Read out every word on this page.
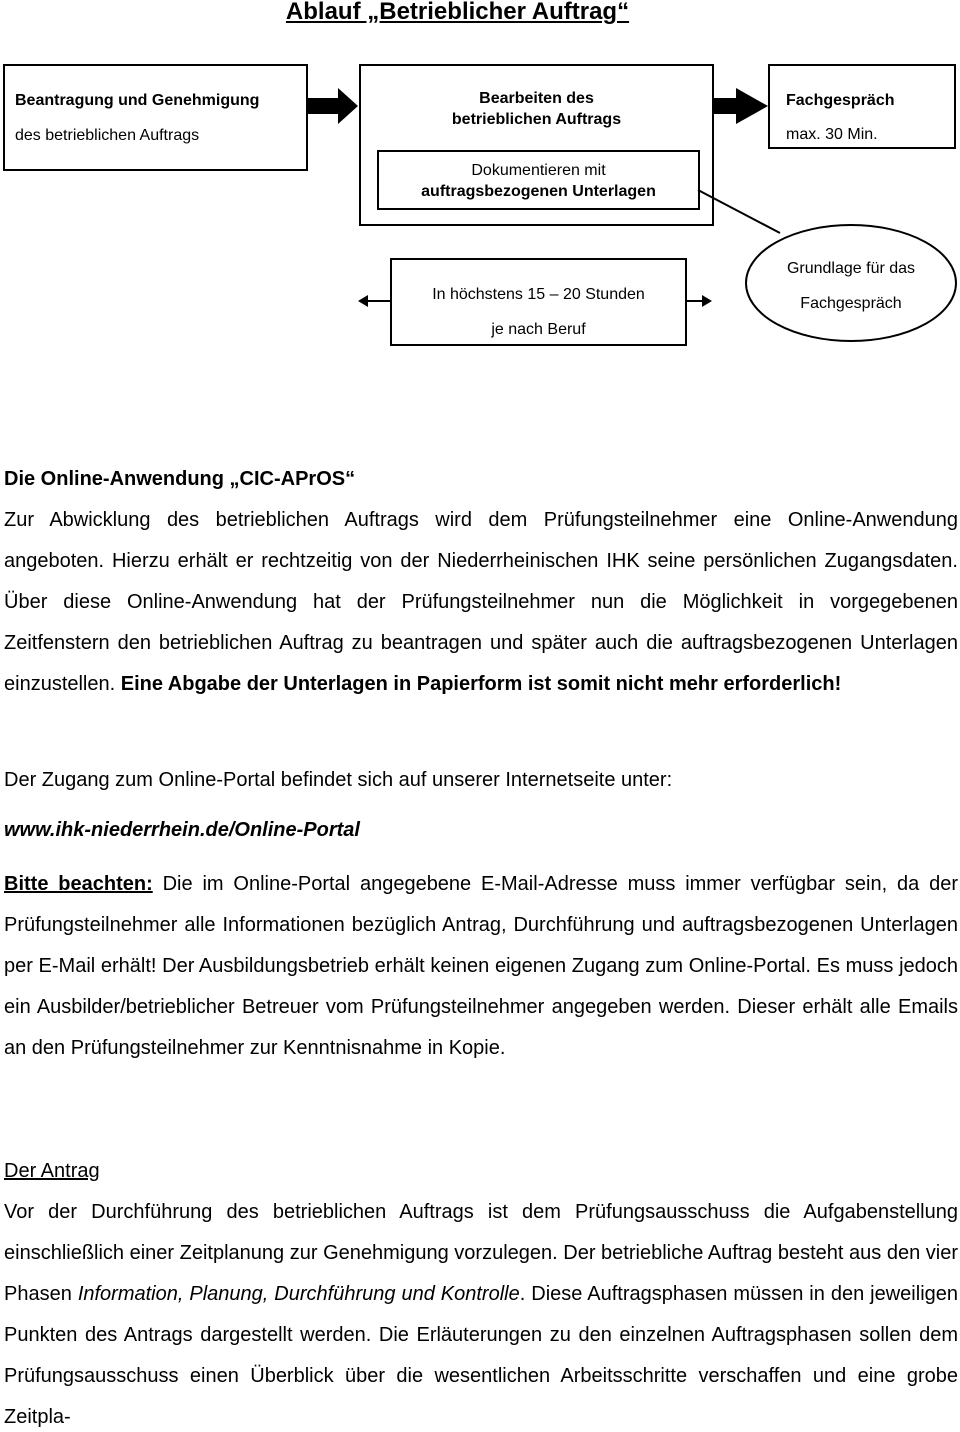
Ablauf „Betrieblicher Auftrag“
Beantragung und Genehmigung
des betrieblichen Auftrags
Bearbeiten des
betrieblichen Auftrags
Dokumentieren mit
auftragsbezogenen Unterlagen
Fachgespräch
max. 30 Min.
Grundlage für das
Fachgespräch
In höchstens 15 – 20 Stunden
je nach Beruf
Die Online-Anwendung „CIC-APrOS“
Zur Abwicklung des betrieblichen Auftrags wird dem Prüfungsteilnehmer eine Online-Anwendung angeboten. Hierzu erhält er rechtzeitig von der Niederrheinischen IHK seine persönlichen Zugangsdaten. Über diese Online-Anwendung hat der Prüfungsteilnehmer nun die Möglichkeit in vorgegebenen Zeitfenstern den betrieblichen Auftrag zu beantragen und später auch die auftragsbezogenen Unterlagen einzustellen. Eine Abgabe der Unterlagen in Papierform ist somit nicht mehr erforderlich!
Der Zugang zum Online-Portal befindet sich auf unserer Internetseite unter:
www.ihk-niederrhein.de/Online-Portal
Bitte beachten: Die im Online-Portal angegebene E-Mail-Adresse muss immer verfügbar sein, da der Prüfungsteilnehmer alle Informationen bezüglich Antrag, Durchführung und auftragsbezogenen Unterlagen per E-Mail erhält! Der Ausbildungsbetrieb erhält keinen eigenen Zugang zum Online-Portal. Es muss jedoch ein Ausbilder/betrieblicher Betreuer vom Prüfungsteilnehmer angegeben werden. Dieser erhält alle Emails an den Prüfungsteilnehmer zur Kenntnisnahme in Kopie.
Der Antrag
Vor der Durchführung des betrieblichen Auftrags ist dem Prüfungsausschuss die Aufgabenstellung einschließlich einer Zeitplanung zur Genehmigung vorzulegen. Der betriebliche Auftrag besteht aus den vier Phasen Information, Planung, Durchführung und Kontrolle. Diese Auftragsphasen müssen in den jeweiligen Punkten des Antrags dargestellt werden. Die Erläuterungen zu den einzelnen Auftragsphasen sollen dem Prüfungsausschuss einen Überblick über die wesentlichen Arbeitsschritte verschaffen und eine grobe Zeitpla-
